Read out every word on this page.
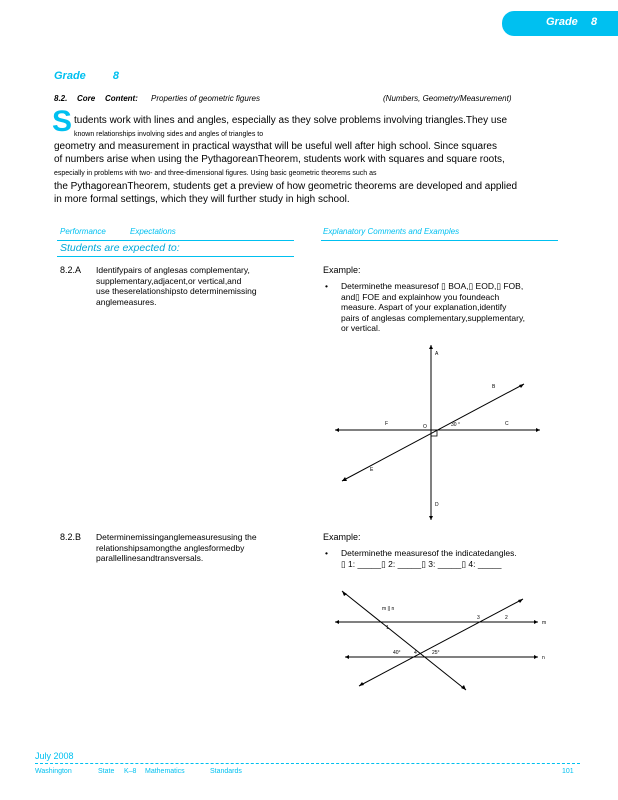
Grade 8
Grade 8
8.2. Core Content: Properties of geometric figures	(Numbers, Geometry/Measurement)
S tudents work with lines and angles, especially as they solve problems involving triangles.They use
known relationships involving sides and angles of triangles to
geometry and measurement in practical waysthat will be useful well after high school. Since squares
of numbers arise when using the PythagoreanTheorem, students work with squares and square roots,
especially in problems with two- and three-dimensional figures. Using basic geometric theorems such as
the PythagoreanTheorem, students get a preview of how geometric theorems are developed and applied
in more formal settings, which they will further study in high school.
Performance	Expectations	Explanatory Comments and Examples
Students are expected to:
8.2.A Identifypairs of anglesas complementary,
supplementary,adjacent,or vertical,and
use theserelationshipsto determinemissing
anglemeasures.
Example:
• Determinethe measuresof ▯ BOA,▯ EOD,▯ FOB,
and▯ FOE and explainhow you foundeach
measure. Aspart of your explanation,identify
pairs of anglesas complementary,supplementary,
or vertical.
30 °
A
B
C
D
E
F	O
8.2.B Determinemissinganglemeasuresusing the
relationshipsamongthe anglesformedby
parallellinesandtransversals.
Example:
• Determinethe measuresof the indicatedangles.
▯ 1: _____▯ 2: _____▯ 3: _____▯ 4: _____
m || n
1
2
3
4
40°	25°
m
n
July 2008
Washington	State K–8 Mathematics	Standards	101
